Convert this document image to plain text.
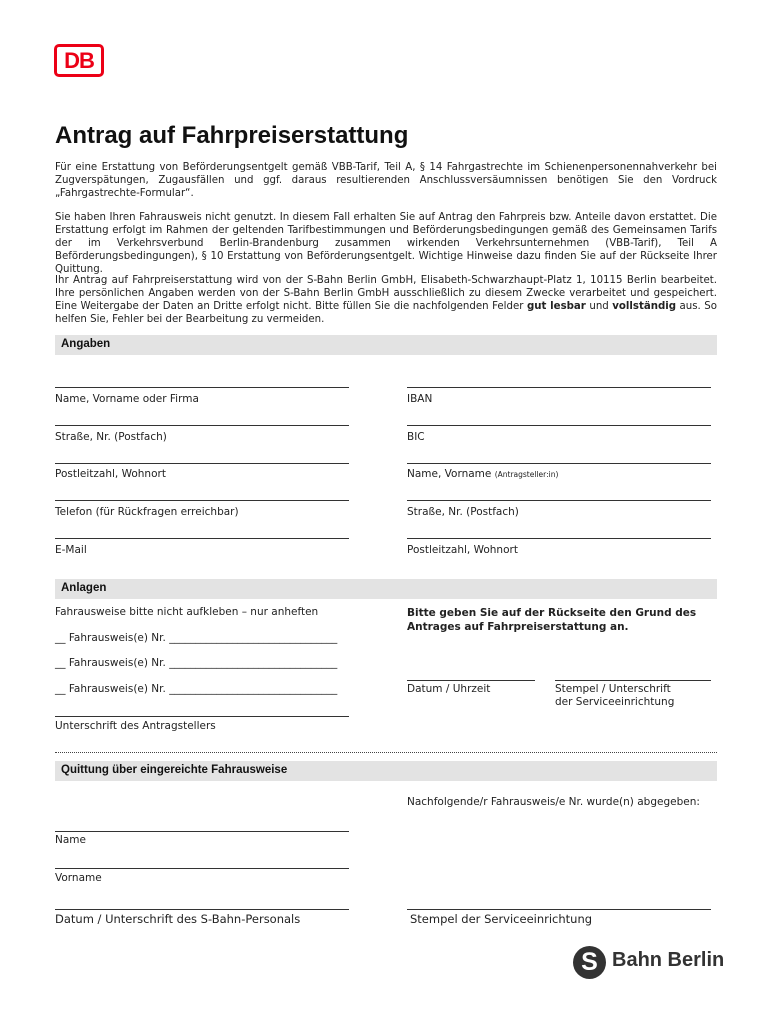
DB
Antrag auf Fahrpreiserstattung

Für eine Erstattung von Beförderungsentgelt gemäß VBB-Tarif, Teil A, § 14 Fahrgastrechte im Schienenpersonennahverkehr bei Zugverspätungen, Zugausfällen und ggf. daraus resultierenden Anschlussversäumnissen benötigen Sie den Vordruck „Fahrgastrechte-Formular“.

Sie haben Ihren Fahrausweis nicht genutzt. In diesem Fall erhalten Sie auf Antrag den Fahrpreis bzw. Anteile davon erstattet. Die Erstattung erfolgt im Rahmen der geltenden Tarifbestimmungen und Beförderungsbedingungen gemäß des Gemeinsamen Tarifs der im Verkehrsverbund Berlin-Brandenburg zusammen wirkenden Verkehrsunternehmen (VBB-Tarif), Teil A Beförderungsbedingungen), § 10 Erstattung von Beförderungsentgelt. Wichtige Hinweise dazu finden Sie auf der Rückseite Ihrer Quittung.

Ihr Antrag auf Fahrpreiserstattung wird von der S-Bahn Berlin GmbH, Elisabeth-Schwarzhaupt-Platz 1, 10115 Berlin bearbeitet. Ihre persönlichen Angaben werden von der S-Bahn Berlin GmbH ausschließlich zu diesem Zwecke verarbeitet und gespeichert. Eine Weitergabe der Daten an Dritte erfolgt nicht. Bitte füllen Sie die nachfolgenden Felder gut lesbar und vollständig aus. So helfen Sie, Fehler bei der Bearbeitung zu vermeiden.

Angaben
Name, Vorname oder Firma
Straße, Nr. (Postfach)
Postleitzahl, Wohnort
Telefon (für Rückfragen erreichbar)
E-Mail
IBAN
BIC
Name, Vorname (Antragsteller:in)
Straße, Nr. (Postfach)
Postleitzahl, Wohnort
Anlagen
Fahrausweise bitte nicht aufkleben – nur anheften
__ Fahrausweis(e) Nr. ________________________________
__ Fahrausweis(e) Nr. ________________________________
__ Fahrausweis(e) Nr. ________________________________
Unterschrift des Antragstellers
Bitte geben Sie auf der Rückseite den Grund des Antrages auf Fahrpreiserstattung an.
Datum / Uhrzeit	Stempel / Unterschrift
der Serviceeinrichtung
Quittung über eingereichte Fahrausweise
Nachfolgende/r Fahrausweis/e Nr. wurde(n) abgegeben:
Name
Vorname
Datum / Unterschrift des S-Bahn-Personals	Stempel der Serviceeinrichtung
S Bahn Berlin
